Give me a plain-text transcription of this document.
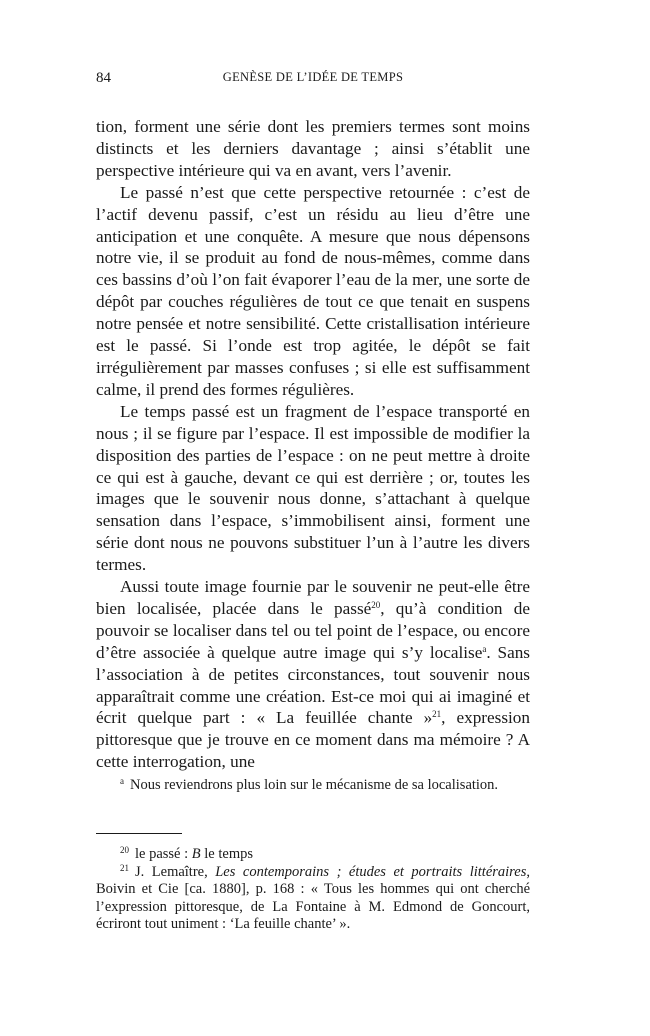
84	GENÈSE DE L’IDÉE DE TEMPS

tion, forment une série dont les premiers termes sont moins distincts et les derniers davantage ; ainsi s’établit une perspective intérieure qui va en avant, vers l’avenir.

Le passé n’est que cette perspective retournée : c’est de l’actif devenu passif, c’est un résidu au lieu d’être une anticipation et une conquête. A mesure que nous dépensons notre vie, il se produit au fond de nous-mêmes, comme dans ces bassins d’où l’on fait évaporer l’eau de la mer, une sorte de dépôt par couches régulières de tout ce que tenait en suspens notre pensée et notre sensibilité. Cette cristallisation intérieure est le passé. Si l’onde est trop agitée, le dépôt se fait irrégulièrement par masses confuses ; si elle est suffisamment calme, il prend des formes régulières.

Le temps passé est un fragment de l’espace transporté en nous ; il se figure par l’espace. Il est impossible de modifier la disposition des parties de l’espace : on ne peut mettre à droite ce qui est à gauche, devant ce qui est derrière ; or, toutes les images que le souvenir nous donne, s’attachant à quelque sensation dans l’espace, s’immobilisent ainsi, forment une série dont nous ne pouvons substituer l’un à l’autre les divers termes.

Aussi toute image fournie par le souvenir ne peut-elle être bien localisée, placée dans le passé$^{20}$, qu’à condition de pouvoir se localiser dans tel ou tel point de l’espace, ou encore d’être associée à quelque autre image qui s’y localise$^a$. Sans l’association à de petites circonstances, tout souvenir nous apparaîtrait comme une création. Est-ce moi qui ai imaginé et écrit quelque part : « La feuillée chante »$^{21}$, expression pittoresque que je trouve en ce moment dans ma mémoire ? A cette interrogation, une

$^a$ Nous reviendrons plus loin sur le mécanisme de sa localisation.

$^{20}$ le passé : B le temps

$^{21}$ J. Lemaître, Les contemporains ; études et portraits littéraires, Boivin et Cie [ca. 1880], p. 168 : « Tous les hommes qui ont cherché l’expression pittoresque, de La Fontaine à M. Edmond de Goncourt, écriront tout uniment : ‘La feuille chante’ ».
